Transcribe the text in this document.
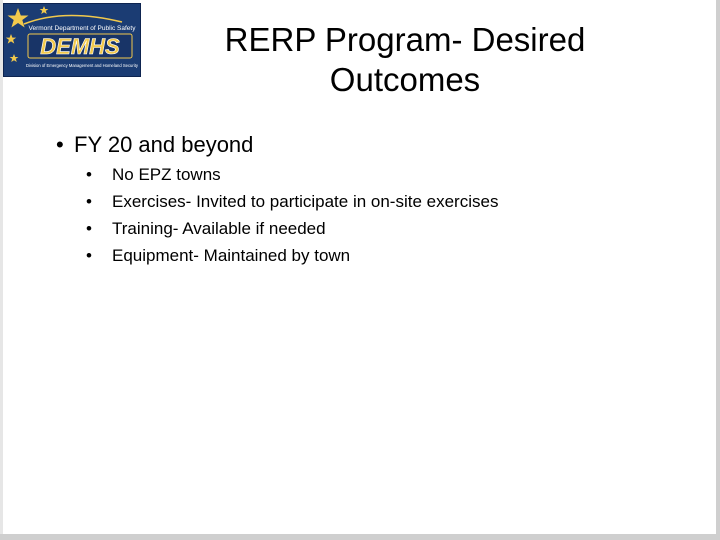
Vermont Department of Public Safety
DEMHS
Division of Emergency Management and Homeland Security
RERP Program- Desired
Outcomes
• FY 20 and beyond
• No EPZ towns
• Exercises- Invited to participate in on-site exercises
• Training- Available if needed
• Equipment- Maintained by town
